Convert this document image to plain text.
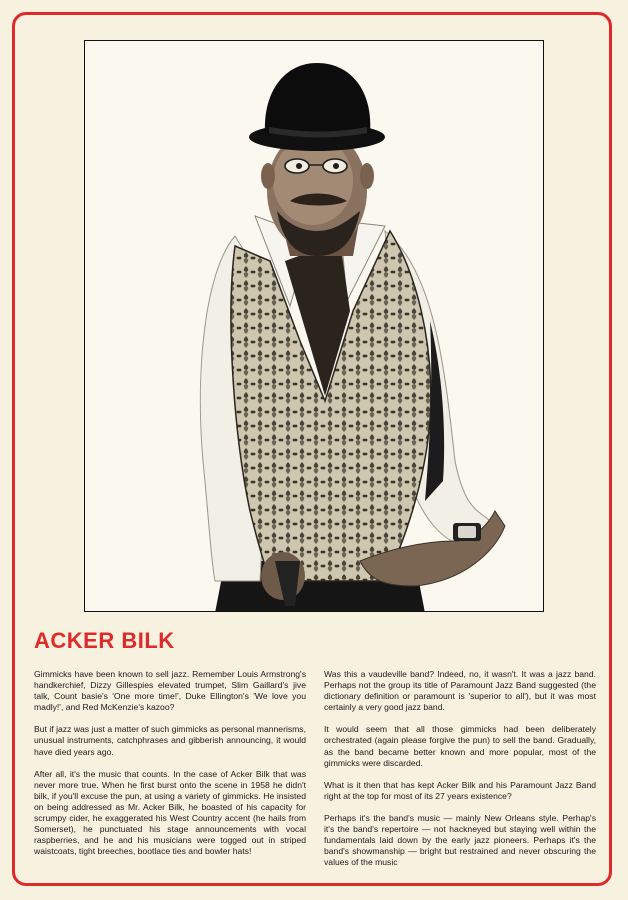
ACKER BILK

Gimmicks have been known to sell jazz. Remember Louis Armstrong's handkerchief, Dizzy Gillespies elevated trumpet, Slim Gaillard's jive talk, Count basie's 'One more time!', Duke Ellington's 'We love you madly!', and Red McKenzie's kazoo?

But if jazz was just a matter of such gimmicks as personal mannerisms, unusual instruments, catchphrases and gibberish announcing, it would have died years ago.

After all, it's the music that counts. In the case of Acker Bilk that was never more true. When he first burst onto the scene in 1958 he didn't bilk, if you'll excuse the pun, at using a variety of gimmicks. He insisted on being addressed as Mr. Acker Bilk, he boasted of his capacity for scrumpy cider, he exaggerated his West Country accent (he hails from Somerset), he punctuated his stage announcements with vocal raspberries, and he and his musicians were togged out in striped waistcoats, tight breeches, bootlace ties and bowler hats!

Was this a vaudeville band? Indeed, no, it wasn't. It was a jazz band. Perhaps not the group its title of Paramount Jazz Band suggested (the dictionary definition or paramount is 'superior to all'), but it was most certainly a very good jazz band.

It would seem that all those gimmicks had been deliberately orchestrated (again please forgive the pun) to sell the band. Gradually, as the band became better known and more popular, most of the gimmicks were discarded.

What is it then that has kept Acker Bilk and his Paramount Jazz Band right at the top for most of its 27 years existence?

Perhaps it's the band's music — mainly New Orleans style. Perhap's it's the band's repertoire — not hackneyed but staying well within the fundamentals laid down by the early jazz pioneers. Perhaps it's the band's showmanship — bright but restrained and never obscuring the values of the music
